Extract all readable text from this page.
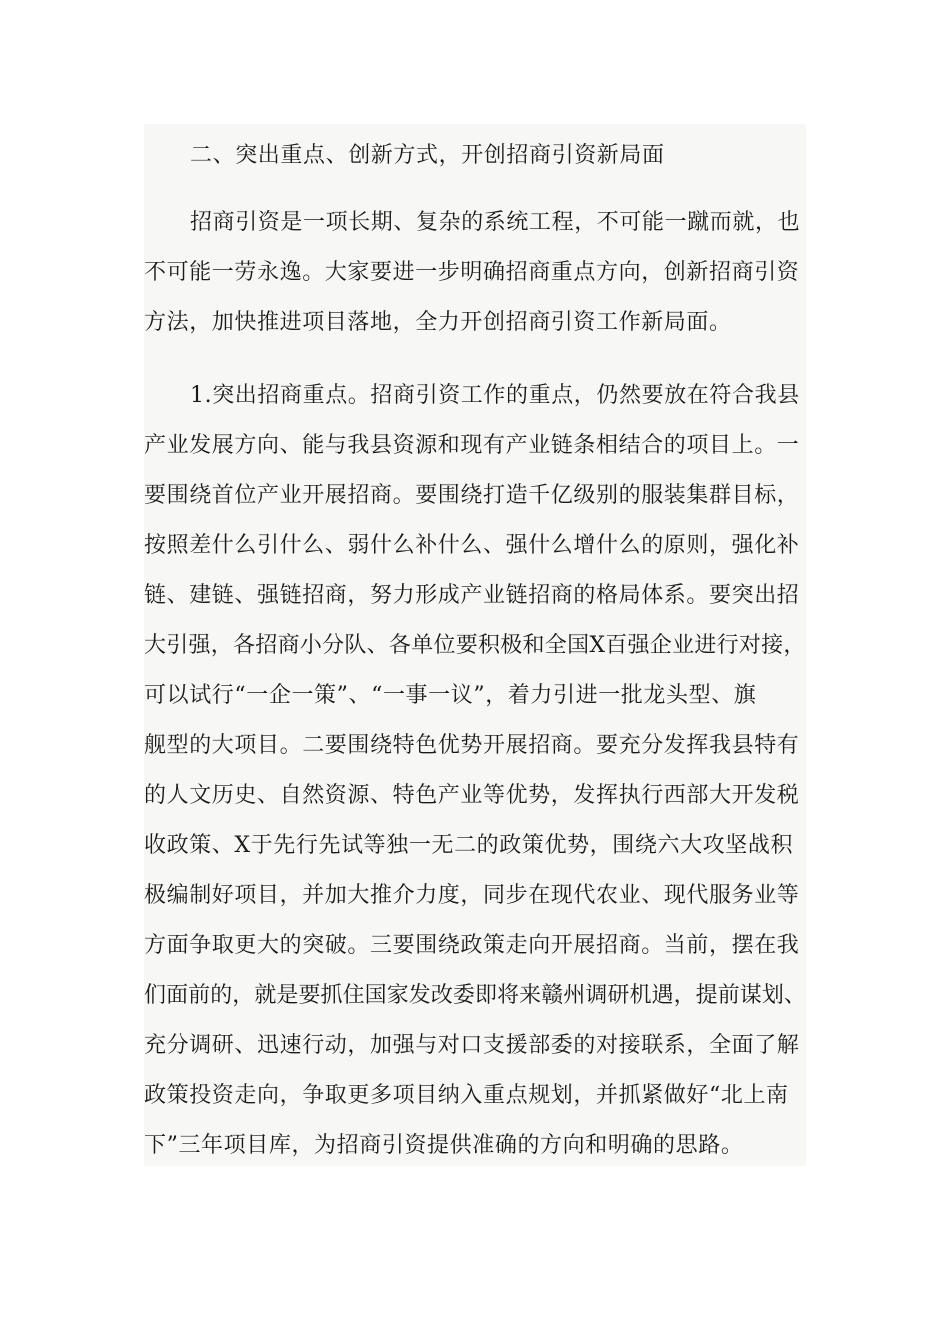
二、突出重点、创新方式，开创招商引资新局面
招商引资是一项长期、复杂的系统工程，不可能一蹴而就，也
不可能一劳永逸。大家要进一步明确招商重点方向，创新招商引资
方法，加快推进项目落地，全力开创招商引资工作新局面。
1.突出招商重点。招商引资工作的重点，仍然要放在符合我县
产业发展方向、能与我县资源和现有产业链条相结合的项目上。一
要围绕首位产业开展招商。要围绕打造千亿级别的服装集群目标，
按照差什么引什么、弱什么补什么、强什么增什么的原则，强化补
链、建链、强链招商，努力形成产业链招商的格局体系。要突出招
大引强，各招商小分队、各单位要积极和全国X百强企业进行对接，
可以试行“一企一策”、“一事一议”，着力引进一批龙头型、旗
舰型的大项目。二要围绕特色优势开展招商。要充分发挥我县特有
的人文历史、自然资源、特色产业等优势，发挥执行西部大开发税
收政策、X于先行先试等独一无二的政策优势，围绕六大攻坚战积
极编制好项目，并加大推介力度，同步在现代农业、现代服务业等
方面争取更大的突破。三要围绕政策走向开展招商。当前，摆在我
们面前的，就是要抓住国家发改委即将来赣州调研机遇，提前谋划、
充分调研、迅速行动，加强与对口支援部委的对接联系，全面了解
政策投资走向，争取更多项目纳入重点规划，并抓紧做好“北上南
下”三年项目库，为招商引资提供准确的方向和明确的思路。
